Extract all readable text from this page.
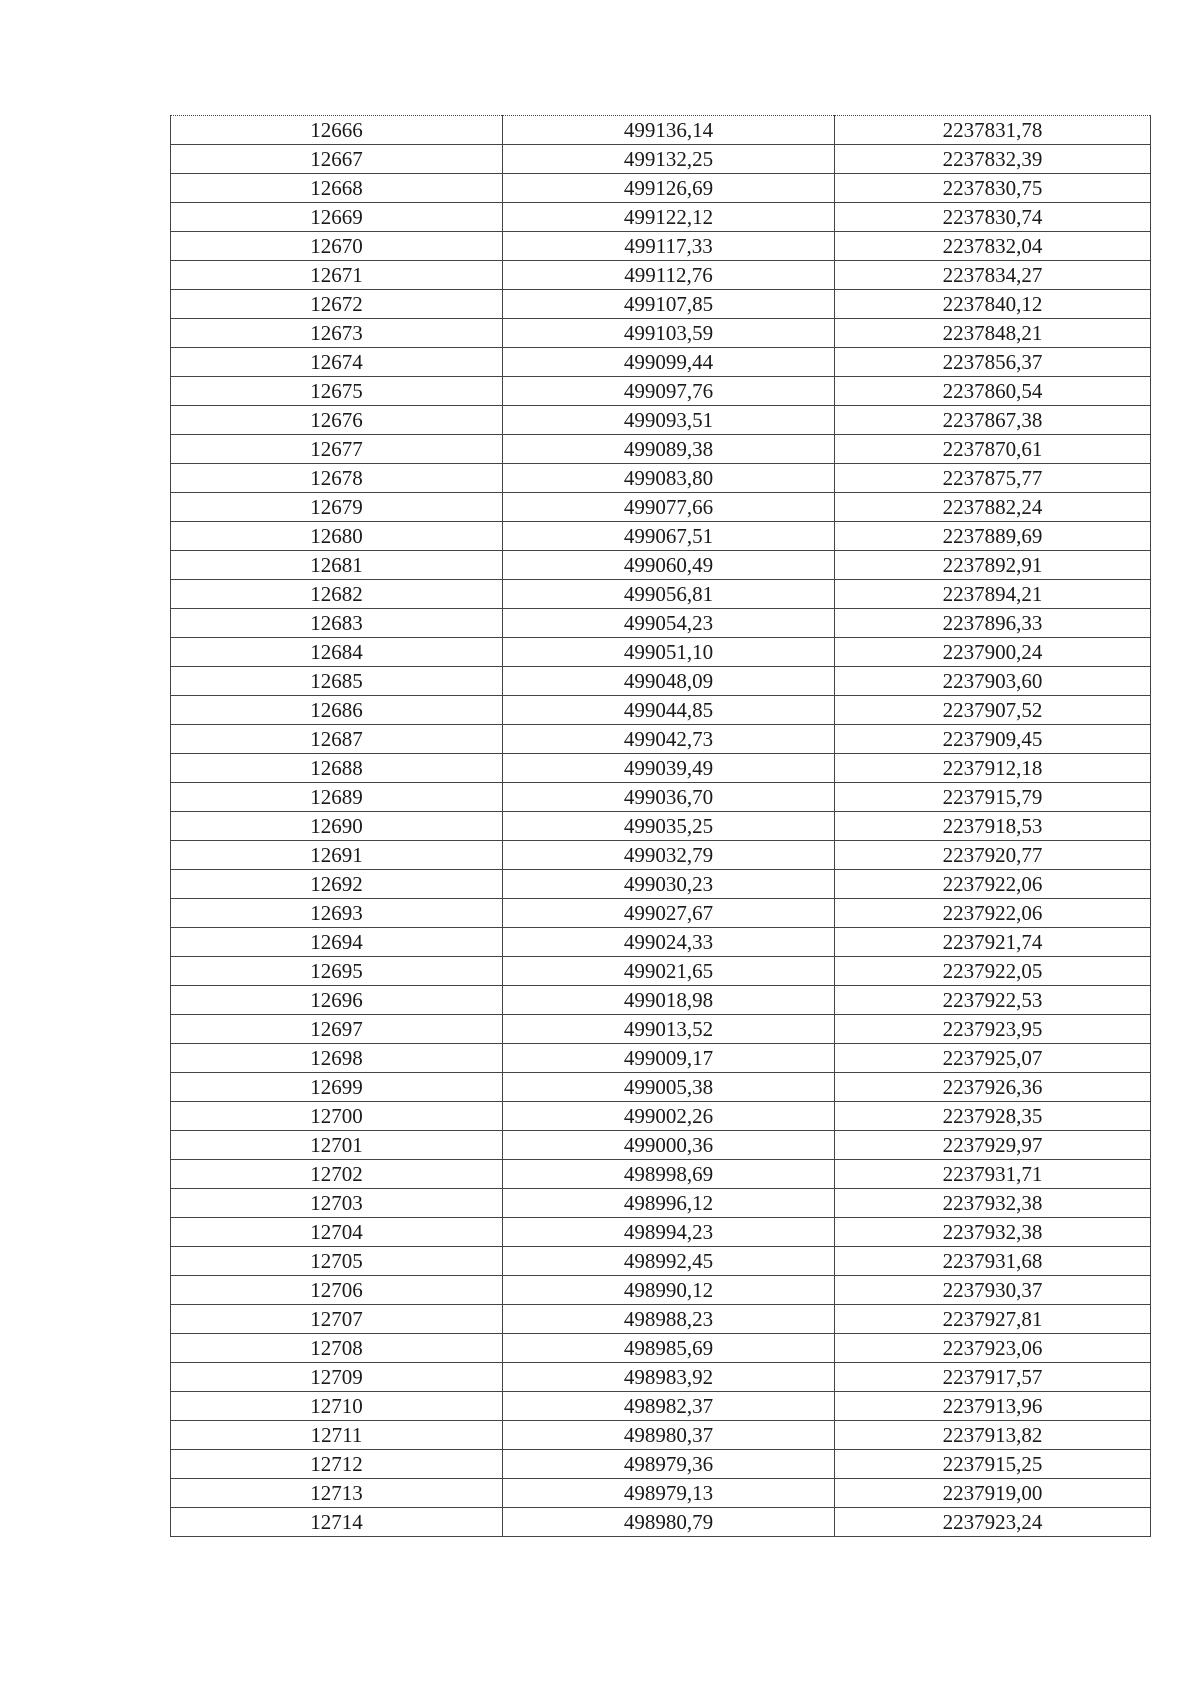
12666	499136,14	2237831,78
12667	499132,25	2237832,39
12668	499126,69	2237830,75
12669	499122,12	2237830,74
12670	499117,33	2237832,04
12671	499112,76	2237834,27
12672	499107,85	2237840,12
12673	499103,59	2237848,21
12674	499099,44	2237856,37
12675	499097,76	2237860,54
12676	499093,51	2237867,38
12677	499089,38	2237870,61
12678	499083,80	2237875,77
12679	499077,66	2237882,24
12680	499067,51	2237889,69
12681	499060,49	2237892,91
12682	499056,81	2237894,21
12683	499054,23	2237896,33
12684	499051,10	2237900,24
12685	499048,09	2237903,60
12686	499044,85	2237907,52
12687	499042,73	2237909,45
12688	499039,49	2237912,18
12689	499036,70	2237915,79
12690	499035,25	2237918,53
12691	499032,79	2237920,77
12692	499030,23	2237922,06
12693	499027,67	2237922,06
12694	499024,33	2237921,74
12695	499021,65	2237922,05
12696	499018,98	2237922,53
12697	499013,52	2237923,95
12698	499009,17	2237925,07
12699	499005,38	2237926,36
12700	499002,26	2237928,35
12701	499000,36	2237929,97
12702	498998,69	2237931,71
12703	498996,12	2237932,38
12704	498994,23	2237932,38
12705	498992,45	2237931,68
12706	498990,12	2237930,37
12707	498988,23	2237927,81
12708	498985,69	2237923,06
12709	498983,92	2237917,57
12710	498982,37	2237913,96
12711	498980,37	2237913,82
12712	498979,36	2237915,25
12713	498979,13	2237919,00
12714	498980,79	2237923,24
